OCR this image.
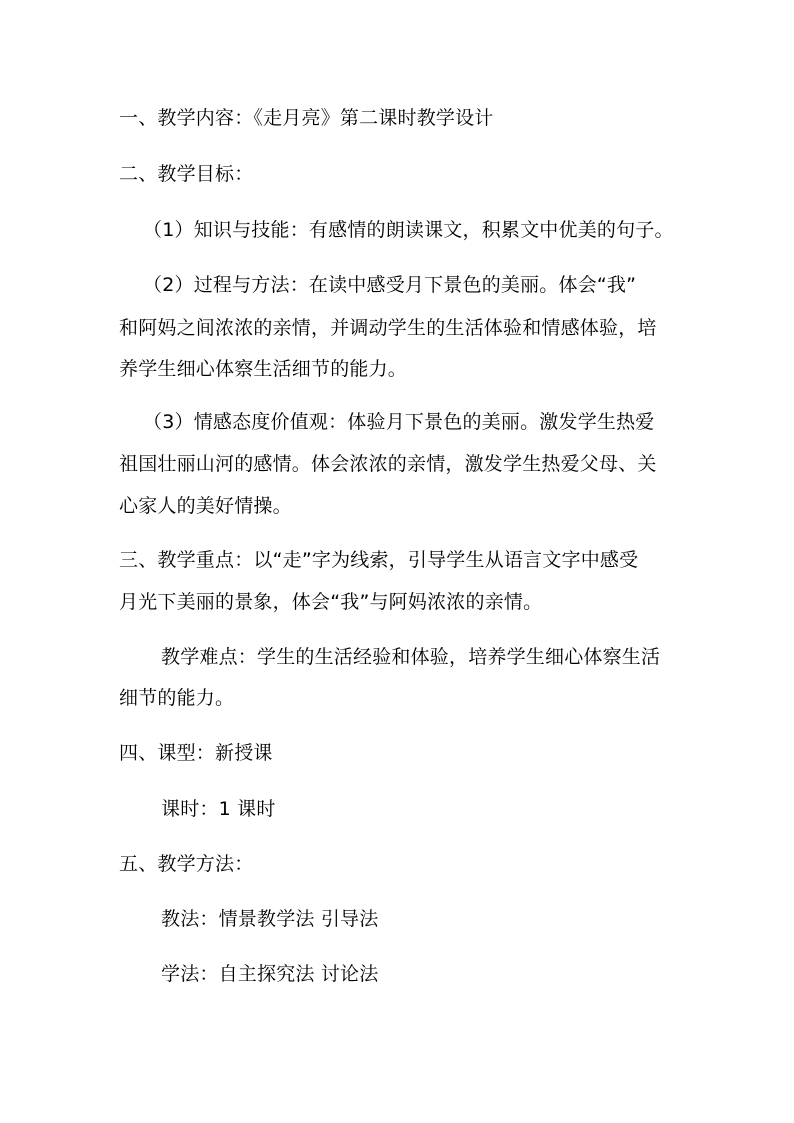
一、教学内容：《走月亮》第二课时教学设计
二、教学目标：
（1）知识与技能：有感情的朗读课文，积累文中优美的句子。
（2）过程与方法：在读中感受月下景色的美丽。体会“我”
和阿妈之间浓浓的亲情，并调动学生的生活体验和情感体验，培
养学生细心体察生活细节的能力。
（3）情感态度价值观：体验月下景色的美丽。激发学生热爱
祖国壮丽山河的感情。体会浓浓的亲情，激发学生热爱父母、关
心家人的美好情操。
三、教学重点：以“走”字为线索，引导学生从语言文字中感受
月光下美丽的景象，体会“我”与阿妈浓浓的亲情。
教学难点：学生的生活经验和体验，培养学生细心体察生活
细节的能力。
四、课型：新授课
课时：1 课时
五、教学方法：
教法：情景教学法 引导法
学法：自主探究法 讨论法
